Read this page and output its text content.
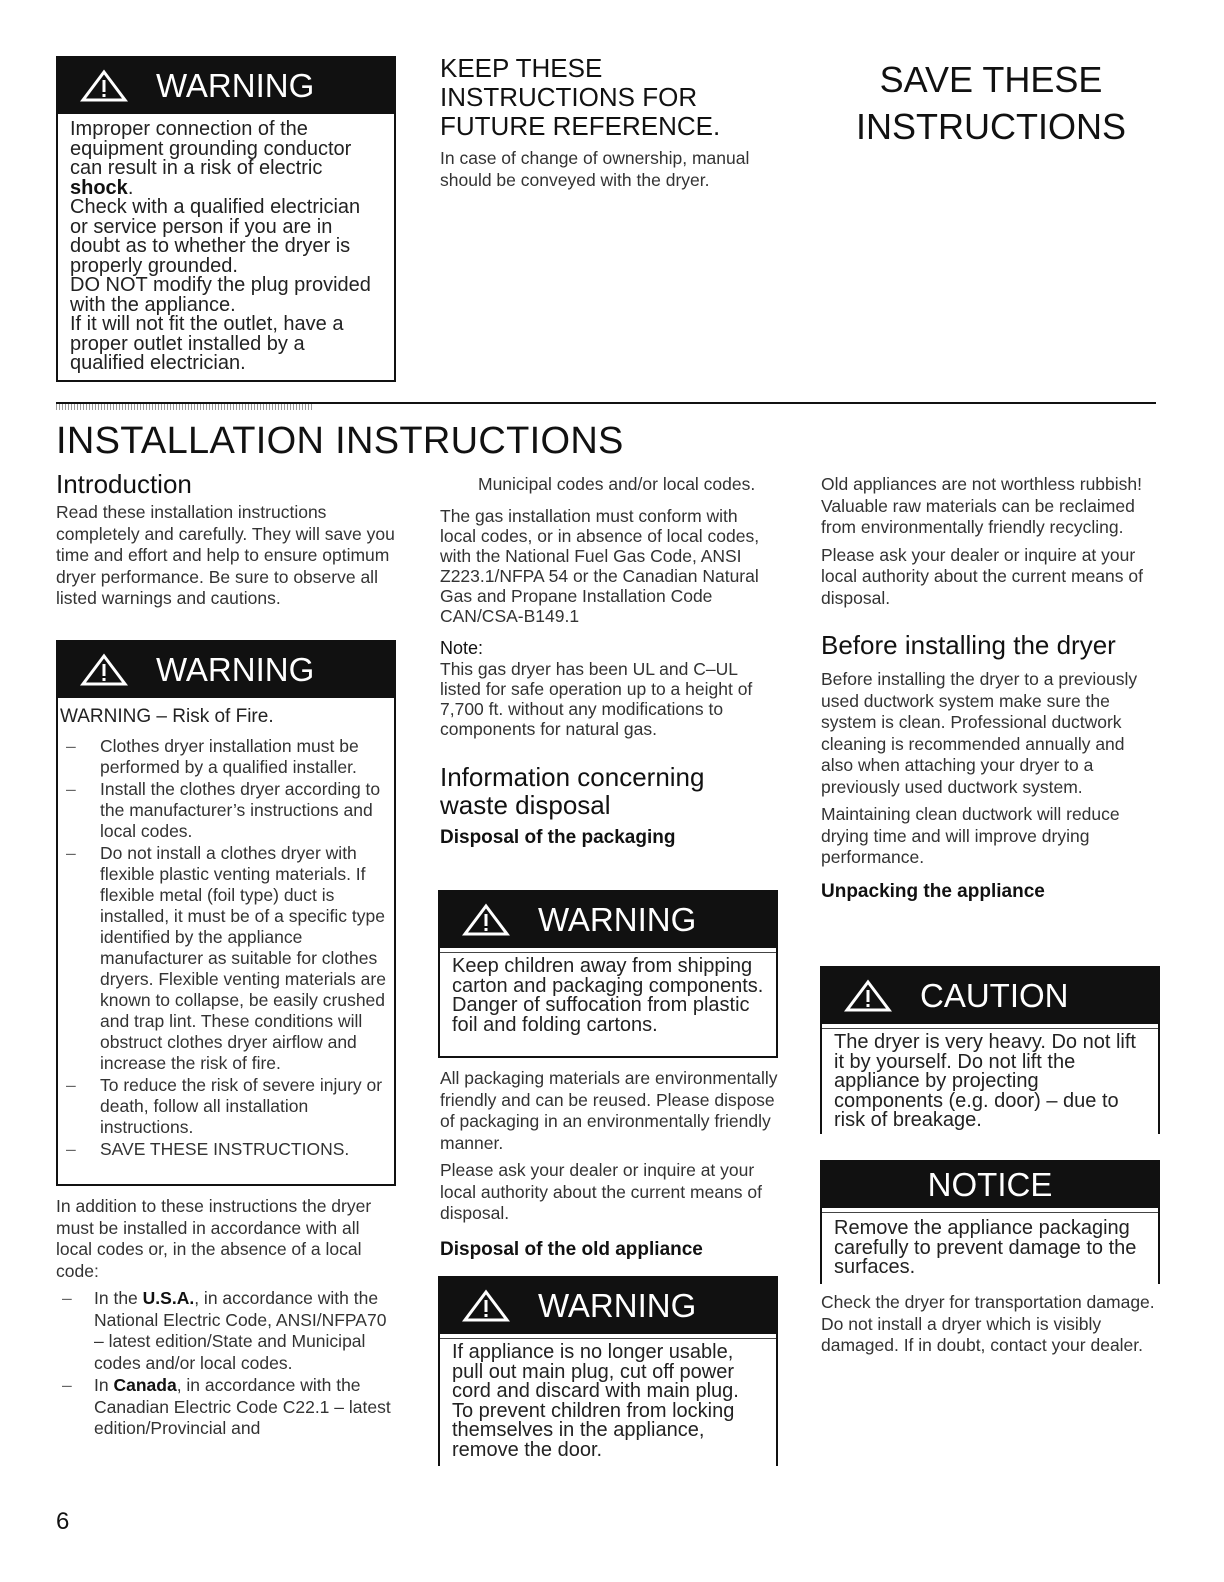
WARNING

Improper connection of the equipment grounding conductor can result in a risk of electric
shock.

Check with a qualified electrician or service person if you are in doubt as to whether the dryer is properly grounded.

DO NOT modify the plug provided with the appliance.

If it will not fit the outlet, have a proper outlet installed by a qualified electrician.

KEEP THESE INSTRUCTIONS FOR FUTURE REFERENCE.
In case of change of ownership, manual should be conveyed with the dryer.
SAVE THESE INSTRUCTIONS
INSTALLATION INSTRUCTIONS
Introduction
Read these installation instructions completely and carefully. They will save you time and effort and help to ensure optimum dryer performance. Be sure to observe all listed warnings and cautions.
WARNING
WARNING – Risk of Fire.
– Clothes dryer installation must be performed by a qualified installer.
– Install the clothes dryer according to the manufacturer’s instructions and local codes.
– Do not install a clothes dryer with flexible plastic venting materials. If flexible metal (foil type) duct is installed, it must be of a specific type identified by the appliance manufacturer as suitable for clothes dryers. Flexible venting materials are known to collapse, be easily crushed and trap lint. These conditions will obstruct clothes dryer airflow and increase the risk of fire.
– To reduce the risk of severe injury or death, follow all installation instructions.
– SAVE THESE INSTRUCTIONS.

In addition to these instructions the dryer must be installed in accordance with all local codes or, in the absence of a local code:

– In the U.S.A., in accordance with the National Electric Code, ANSI/NFPA70 – latest edition/State and Municipal codes and/or local codes.
– In Canada, in accordance with the Canadian Electric Code C22.1 – latest edition/Provincial and

Municipal codes and/or local codes.

The gas installation must conform with local codes, or in absence of local codes, with the National Fuel Gas Code, ANSI Z223.1/NFPA 54 or the Canadian Natural Gas and Propane Installation Code CAN/CSA-B149.1

Note:

This gas dryer has been UL and C–UL listed for safe operation up to a height of 7,700 ft. without any modifications to components for natural gas.

Information concerning waste disposal
Disposal of the packaging
WARNING
Keep children away from shipping carton and packaging components. Danger of suffocation from plastic foil and folding cartons.

All packaging materials are environmentally friendly and can be reused. Please dispose of packaging in an environmentally friendly manner.

Please ask your dealer or inquire at your local authority about the current means of disposal.

Disposal of the old appliance
WARNING
If appliance is no longer usable, pull out main plug, cut off power cord and discard with main plug. To prevent children from locking themselves in the appliance, remove the door.

Old appliances are not worthless rubbish! Valuable raw materials can be reclaimed from environmentally friendly recycling.

Please ask your dealer or inquire at your local authority about the current means of disposal.

Before installing the dryer

Before installing the dryer to a previously used ductwork system make sure the system is clean. Professional ductwork cleaning is recommended annually and also when attaching your dryer to a previously used ductwork system.

Maintaining clean ductwork will reduce drying time and will improve drying performance.

Unpacking the appliance
CAUTION
The dryer is very heavy. Do not lift it by yourself. Do not lift the appliance by projecting components (e.g. door) – due to risk of breakage.
NOTICE
Remove the appliance packaging carefully to prevent damage to the surfaces.
Check the dryer for transportation damage. Do not install a dryer which is visibly damaged. If in doubt, contact your dealer.
6
